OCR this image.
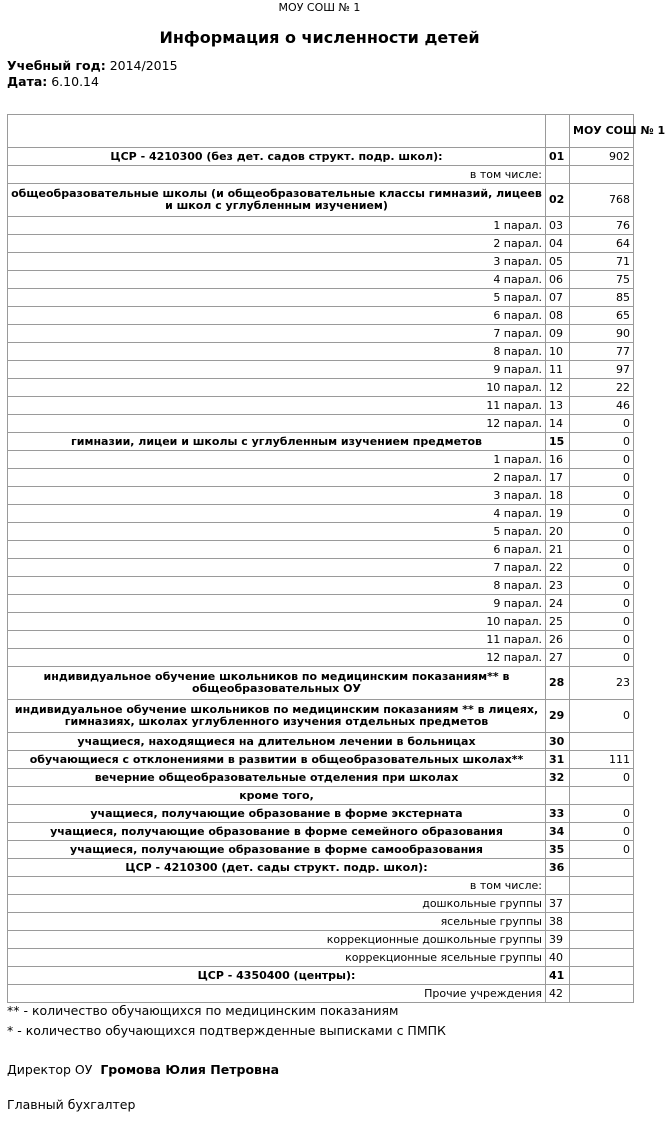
МОУ СОШ № 1
Информация о численности детей
Учебный год: 2014/2015
Дата: 6.10.14
		МОУ СОШ № 1
ЦСР - 4210300 (без дет. садов структ. подр. школ):	01	902
в том числе:		
общеобразовательные школы (и общеобразовательные классы гимназий, лицеев и школ с углубленным изучением)	02	768
1 парал.	03	76
2 парал.	04	64
3 парал.	05	71
4 парал.	06	75
5 парал.	07	85
6 парал.	08	65
7 парал.	09	90
8 парал.	10	77
9 парал.	11	97
10 парал.	12	22
11 парал.	13	46
12 парал.	14	0
гимназии, лицеи и школы с углубленным изучением предметов	15	0
1 парал.	16	0
2 парал.	17	0
3 парал.	18	0
4 парал.	19	0
5 парал.	20	0
6 парал.	21	0
7 парал.	22	0
8 парал.	23	0
9 парал.	24	0
10 парал.	25	0
11 парал.	26	0
12 парал.	27	0
индивидуальное обучение школьников по медицинским показаниям** в общеобразовательных ОУ	28	23
индивидуальное обучение школьников по медицинским показаниям ** в лицеях, гимназиях, школах углубленного изучения отдельных предметов	29	0
учащиеся, находящиеся на длительном лечении в больницах	30	
обучающиеся с отклонениями в развитии в общеобразовательных школах**	31	111
вечерние общеобразовательные отделения при школах	32	0
кроме того,		
учащиеся, получающие образование в форме экстерната	33	0
учащиеся, получающие образование в форме семейного образования	34	0
учащиеся, получающие образование в форме самообразования	35	0
ЦСР - 4210300 (дет. сады структ. подр. школ):	36	
в том числе:		
дошкольные группы	37	
ясельные группы	38	
коррекционные дошкольные группы	39	
коррекционные ясельные группы	40	
ЦСР - 4350400 (центры):	41	
Прочие учреждения	42	
** - количество обучающихся по медицинским показаниям
* - количество обучающихся подтвержденные выписками с ПМПК
Директор ОУ Громова Юлия Петровна
Главный бухгалтер
